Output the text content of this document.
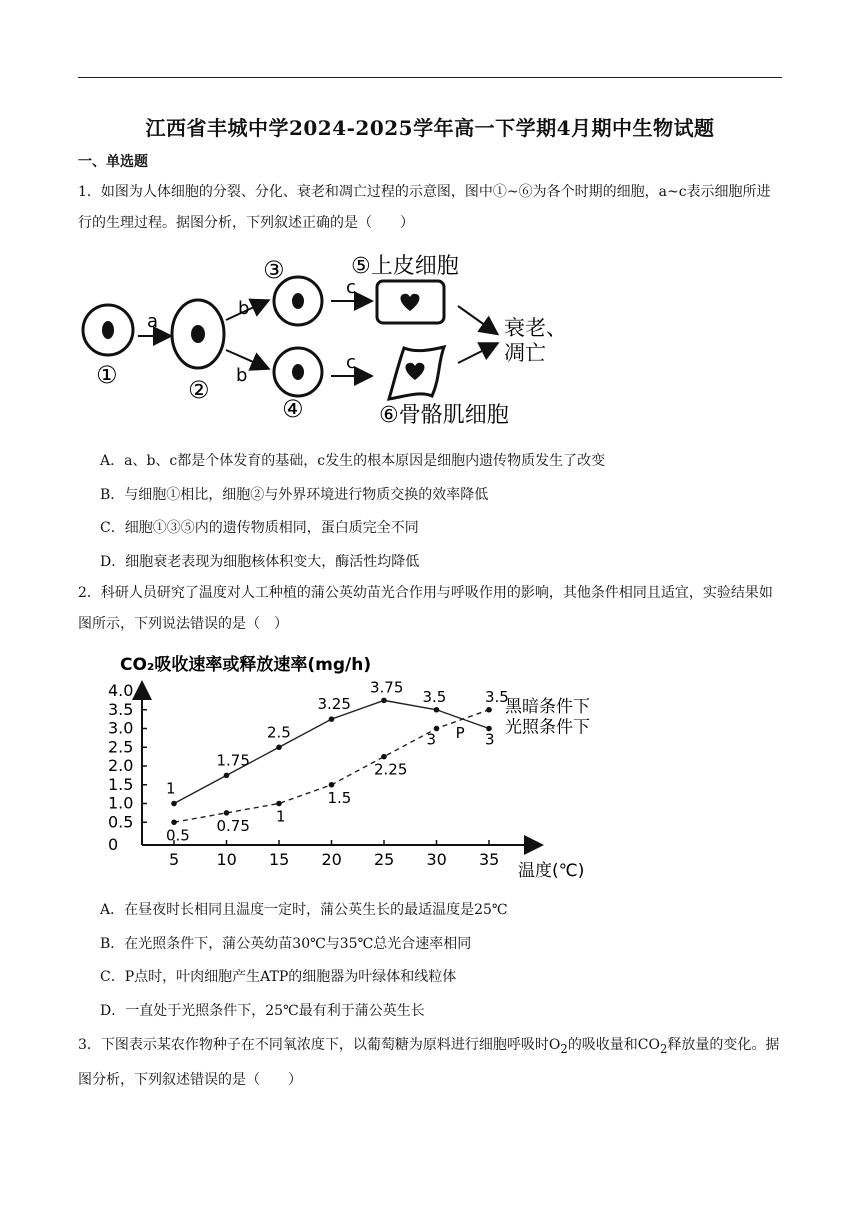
江西省丰城中学2024-2025学年高一下学期4月期中生物试题
一、单选题
1．如图为人体细胞的分裂、分化、衰老和凋亡过程的示意图，图中①~⑥为各个时期的细胞，a~c表示细胞所进行的生理过程。据图分析，下列叙述正确的是（　　）
①
a
②
b
b
③
④
c
c
⑤上皮细胞
⑥骨骼肌细胞
衰老、
凋亡
A．a、b、c都是个体发育的基础，c发生的根本原因是细胞内遗传物质发生了改变
B．与细胞①相比，细胞②与外界环境进行物质交换的效率降低
C．细胞①③⑤内的遗传物质相同，蛋白质完全不同
D．细胞衰老表现为细胞核体积变大，酶活性均降低
2．科研人员研究了温度对人工种植的蒲公英幼苗光合作用与呼吸作用的影响，其他条件相同且适宜，实验结果如图所示，下列说法错误的是（　）
CO₂吸收速率或释放速率(mg/h)
温度(℃)
0
0.5
1.0
1.5
2.0
2.5
3.0
3.5
4.0
5 10 15 20 25 30 35
1
1.75
2.5
3.25
3.75
3.5
3
光照条件下
0.5
0.75
1
1.5
2.25
3
3.5
黑暗条件下
P
A．在昼夜时长相同且温度一定时，蒲公英生长的最适温度是25℃
B．在光照条件下，蒲公英幼苗30℃与35℃总光合速率相同
C．P点时，叶肉细胞产生ATP的细胞器为叶绿体和线粒体
D．一直处于光照条件下，25℃最有利于蒲公英生长
3．下图表示某农作物种子在不同氧浓度下，以葡萄糖为原料进行细胞呼吸时$O_2$的吸收量和$CO_2$释放量的变化。据图分析，下列叙述错误的是（　　）
